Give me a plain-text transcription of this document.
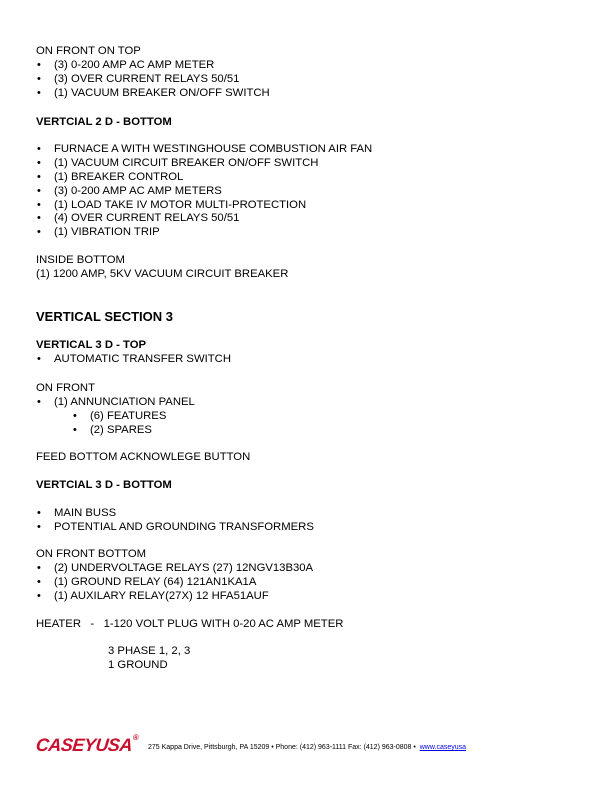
ON FRONT ON TOP
• (3) 0-200 AMP AC AMP METER
• (3) OVER CURRENT RELAYS 50/51
• (1) VACUUM BREAKER ON/OFF SWITCH
VERTCIAL 2 D - BOTTOM
• FURNACE A WITH WESTINGHOUSE COMBUSTION AIR FAN
• (1) VACUUM CIRCUIT BREAKER ON/OFF SWITCH
• (1) BREAKER CONTROL
• (3) 0-200 AMP AC AMP METERS
• (1) LOAD TAKE IV MOTOR MULTI-PROTECTION
• (4) OVER CURRENT RELAYS 50/51
• (1) VIBRATION TRIP
INSIDE BOTTOM
(1) 1200 AMP, 5KV VACUUM CIRCUIT BREAKER
VERTICAL SECTION 3
VERTICAL 3 D - TOP
• AUTOMATIC TRANSFER SWITCH
ON FRONT
• (1) ANNUNCIATION PANEL
• (6) FEATURES
• (2) SPARES
FEED BOTTOM ACKNOWLEGE BUTTON
VERTCIAL 3 D - BOTTOM
• MAIN BUSS
• POTENTIAL AND GROUNDING TRANSFORMERS
ON FRONT BOTTOM
• (2) UNDERVOLTAGE RELAYS (27) 12NGV13B30A
• (1) GROUND RELAY (64) 121AN1KA1A
• (1) AUXILARY RELAY(27X) 12 HFA51AUF
HEATER   -   1-120 VOLT PLUG WITH 0-20 AC AMP METER
3 PHASE 1, 2, 3
1 GROUND
CASEYUSA®
275 Kappa Drive, Pittsburgh, PA 15209 • Phone: (412) 963-1111 Fax: (412) 963-0808 • www.caseyusa
